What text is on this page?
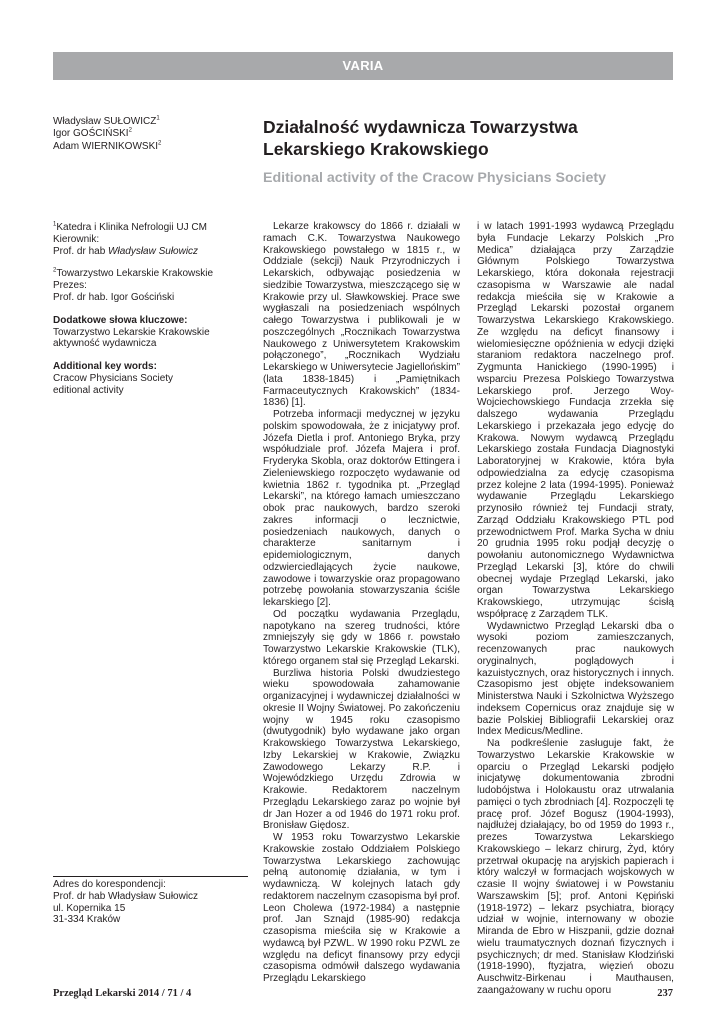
VARIA
Władysław SUŁOWICZ$^1$
Igor GOŚCIŃSKI$^2$
Adam WIERNIKOWSKI$^2$
Działalność wydawnicza Towarzystwa Lekarskiego Krakowskiego
Editional activity of the Cracow Physicians Society
$^1$Katedra i Klinika Nefrologii UJ CM
Kierownik:
Prof. dr hab Władysław Sułowicz
$^2$Towarzystwo Lekarskie Krakowskie
Prezes:
Prof. dr hab. Igor Gościński
Dodatkowe słowa kluczowe:
Towarzystwo Lekarskie Krakowskie
aktywność wydawnicza
Additional key words:
Cracow Physicians Society
editional activity
Adres do korespondencji:
Prof. dr hab Władysław Sułowicz
ul. Kopernika 15
31-334 Kraków

Lekarze krakowscy do 1866 r. działali w ramach C.K. Towarzystwa Naukowego Krakowskiego powstałego w 1815 r., w Oddziale (sekcji) Nauk Przyrodniczych i Lekarskich, odbywając posiedzenia w siedzibie Towarzystwa, mieszczącego się w Krakowie przy ul. Sławkowskiej. Prace swe wygłaszali na posiedzeniach wspólnych całego Towarzystwa i publikowali je w poszczególnych „Rocznikach Towarzystwa Naukowego z Uniwersytetem Krakowskim połączonego”, „Rocznikach Wydziału Lekarskiego w Uniwersytecie Jagiellońskim” (lata 1838-1845) i „Pamiętnikach Farmaceutycznych Krakowskich” (1834-1836) [1].

Potrzeba informacji medycznej w języku polskim spowodowała, że z inicjatywy prof. Józefa Dietla i prof. Antoniego Bryka, przy współudziale prof. Józefa Majera i prof. Fryderyka Skobla, oraz doktorów Ettingera i Zieleniewskiego rozpoczęto wydawanie od kwietnia 1862 r. tygodnika pt. „Przegląd Lekarski”, na którego łamach umieszczano obok prac naukowych, bardzo szeroki zakres informacji o lecznictwie, posiedzeniach naukowych, danych o charakterze sanitarnym i epidemiologicznym, danych odzwierciedlających życie naukowe, zawodowe i towarzyskie oraz propagowano potrzebę powołania stowarzyszania ściśle lekarskiego [2].

Od początku wydawania Przeglądu, napotykano na szereg trudności, które zmniejszyły się gdy w 1866 r. powstało Towarzystwo Lekarskie Krakowskie (TLK), którego organem stał się Przegląd Lekarski.

Burzliwa historia Polski dwudziestego wieku spowodowała zahamowanie organizacyjnej i wydawniczej działalności w okresie II Wojny Światowej. Po zakończeniu wojny w 1945 roku czasopismo (dwutygodnik) było wydawane jako organ Krakowskiego Towarzystwa Lekarskiego, Izby Lekarskiej w Krakowie, Związku Zawodowego Lekarzy R.P. i Wojewódzkiego Urzędu Zdrowia w Krakowie. Redaktorem naczelnym Przeglądu Lekarskiego zaraz po wojnie był dr Jan Hozer a od 1946 do 1971 roku prof. Bronisław Giędosz.

W 1953 roku Towarzystwo Lekarskie Krakowskie zostało Oddziałem Polskiego Towarzystwa Lekarskiego zachowując pełną autonomię działania, w tym i wydawniczą. W kolejnych latach gdy redaktorem naczelnym czasopisma był prof. Leon Cholewa (1972-1984) a następnie prof. Jan Sznajd (1985-90) redakcja czasopisma mieściła się w Krakowie a wydawcą był PZWL. W 1990 roku PZWL ze względu na deficyt finansowy przy edycji czasopisma odmówił dalszego wydawania Przeglądu Lekarskiego

i w latach 1991-1993 wydawcą Przeglądu była Fundacje Lekarzy Polskich „Pro Medica” działająca przy Zarządzie Głównym Polskiego Towarzystwa Lekarskiego, która dokonała rejestracji czasopisma w Warszawie ale nadal redakcja mieściła się w Krakowie a Przegląd Lekarski pozostał organem Towarzystwa Lekarskiego Krakowskiego. Ze względu na deficyt finansowy i wielomiesięczne opóźnienia w edycji dzięki staraniom redaktora naczelnego prof. Zygmunta Hanickiego (1990-1995) i wsparciu Prezesa Polskiego Towarzystwa Lekarskiego prof. Jerzego Woy-Wojciechowskiego Fundacja zrzekła się dalszego wydawania Przeglądu Lekarskiego i przekazała jego edycję do Krakowa. Nowym wydawcą Przeglądu Lekarskiego została Fundacja Diagnostyki Laboratoryjnej w Krakowie, która była odpowiedzialna za edycję czasopisma przez kolejne 2 lata (1994-1995). Ponieważ wydawanie Przeglądu Lekarskiego przynosiło również tej Fundacji straty, Zarząd Oddziału Krakowskiego PTL pod przewodnictwem Prof. Marka Sycha w dniu 20 grudnia 1995 roku podjął decyzję o powołaniu autonomicznego Wydawnictwa Przegląd Lekarski [3], które do chwili obecnej wydaje Przegląd Lekarski, jako organ Towarzystwa Lekarskiego Krakowskiego, utrzymując ścisłą współpracę z Zarządem TLK.

Wydawnictwo Przegląd Lekarski dba o wysoki poziom zamieszczanych, recenzowanych prac naukowych oryginalnych, poglądowych i kazuistycznych, oraz historycznych i innych. Czasopismo jest objęte indeksowaniem Ministerstwa Nauki i Szkolnictwa Wyższego indeksem Copernicus oraz znajduje się w bazie Polskiej Bibliografii Lekarskiej oraz Index Medicus/Medline.

Na podkreślenie zasługuje fakt, że Towarzystwo Lekarskie Krakowskie w oparciu o Przegląd Lekarski podjęło inicjatywę dokumentowania zbrodni ludobójstwa i Holokaustu oraz utrwalania pamięci o tych zbrodniach [4]. Rozpoczęli tę pracę prof. Józef Bogusz (1904-1993), najdłużej działający, bo od 1959 do 1993 r., prezes Towarzystwa Lekarskiego Krakowskiego – lekarz chirurg, Żyd, który przetrwał okupację na aryjskich papierach i który walczył w formacjach wojskowych w czasie II wojny światowej i w Powstaniu Warszawskim [5]; prof. Antoni Kępiński (1918-1972) – lekarz psychiatra, biorący udział w wojnie, internowany w obozie Miranda de Ebro w Hiszpanii, gdzie doznał wielu traumatycznych doznań fizycznych i psychicznych; dr med. Stanisław Kłodziński (1918-1990), ftyzjatra, więzień obozu Auschwitz-Birkenau i Mauthausen, zaangażowany w ruchu oporu

Przegląd Lekarski 2014 / 71 / 4	237
